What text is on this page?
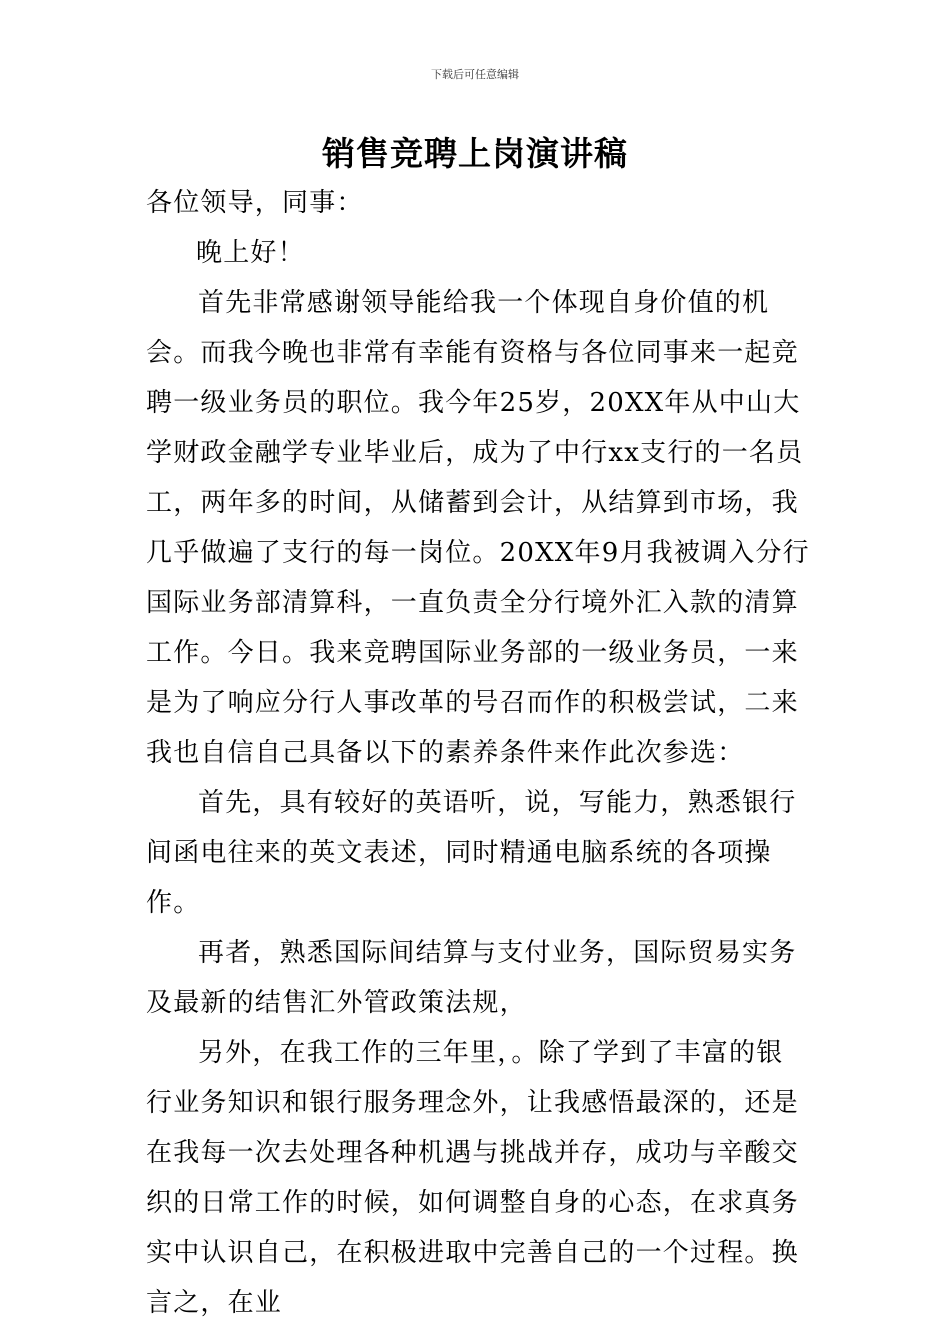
下载后可任意编辑
销售竞聘上岗演讲稿

各位领导，同事：

晚上好！

首先非常感谢领导能给我一个体现自身价值的机会。而我今晚也非常有幸能有资格与各位同事来一起竞聘一级业务员的职位。我今年25岁，20XX年从中山大学财政金融学专业毕业后，成为了中行xx支行的一名员工，两年多的时间，从储蓄到会计，从结算到市场，我几乎做遍了支行的每一岗位。20XX年9月我被调入分行国际业务部清算科，一直负责全分行境外汇入款的清算工作。今日。我来竞聘国际业务部的一级业务员，一来是为了响应分行人事改革的号召而作的积极尝试，二来我也自信自己具备以下的素养条件来作此次参选：

首先，具有较好的英语听，说，写能力，熟悉银行间函电往来的英文表述，同时精通电脑系统的各项操作。

再者，熟悉国际间结算与支付业务，国际贸易实务及最新的结售汇外管政策法规，

另外，在我工作的三年里，。除了学到了丰富的银行业务知识和银行服务理念外，让我感悟最深的，还是在我每一次去处理各种机遇与挑战并存，成功与辛酸交织的日常工作的时候，如何调整自身的心态，在求真务实中认识自己，在积极进取中完善自己的一个过程。换言之，在业
